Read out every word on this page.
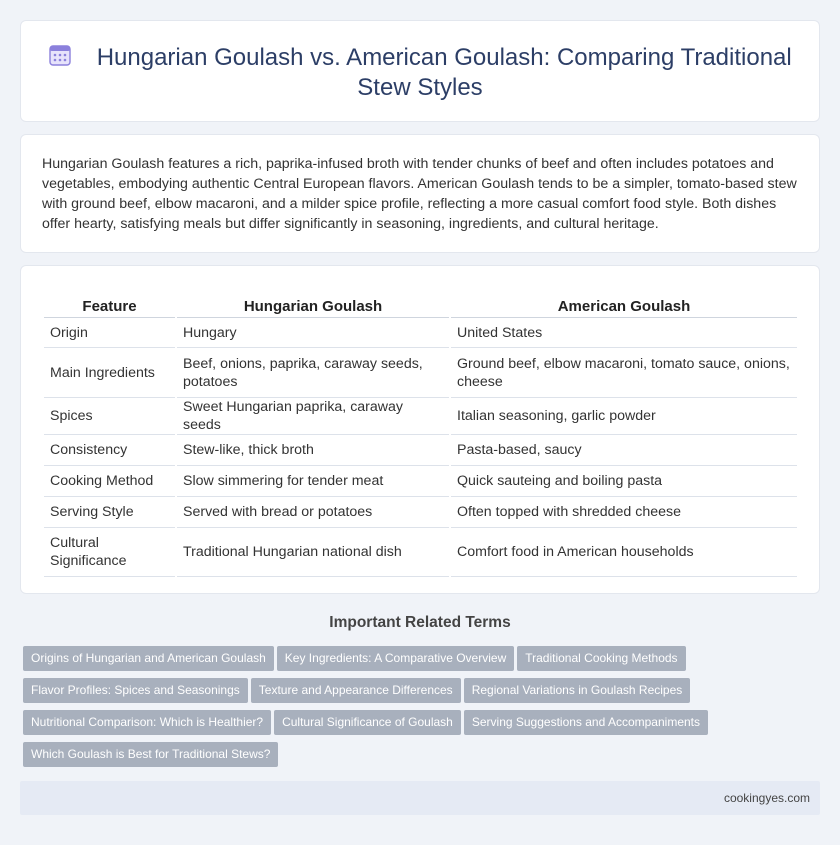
Hungarian Goulash vs. American Goulash: Comparing Traditional Stew Styles

Hungarian Goulash features a rich, paprika-infused broth with tender chunks of beef and often includes potatoes and vegetables, embodying authentic Central European flavors. American Goulash tends to be a simpler, tomato-based stew with ground beef, elbow macaroni, and a milder spice profile, reflecting a more casual comfort food style. Both dishes offer hearty, satisfying meals but differ significantly in seasoning, ingredients, and cultural heritage.

Feature	Hungarian Goulash	American Goulash
Origin	Hungary	United States
Main Ingredients	Beef, onions, paprika, caraway seeds, potatoes	Ground beef, elbow macaroni, tomato sauce, onions, cheese
Spices	Sweet Hungarian paprika, caraway seeds	Italian seasoning, garlic powder
Consistency	Stew-like, thick broth	Pasta-based, saucy
Cooking Method	Slow simmering for tender meat	Quick sauteing and boiling pasta
Serving Style	Served with bread or potatoes	Often topped with shredded cheese
Cultural Significance	Traditional Hungarian national dish	Comfort food in American households
Important Related Terms
Origins of Hungarian and American Goulash Key Ingredients: A Comparative Overview Traditional Cooking Methods
Flavor Profiles: Spices and Seasonings Texture and Appearance Differences Regional Variations in Goulash Recipes
Nutritional Comparison: Which is Healthier? Cultural Significance of Goulash Serving Suggestions and Accompaniments
Which Goulash is Best for Traditional Stews?
cookingyes.com
